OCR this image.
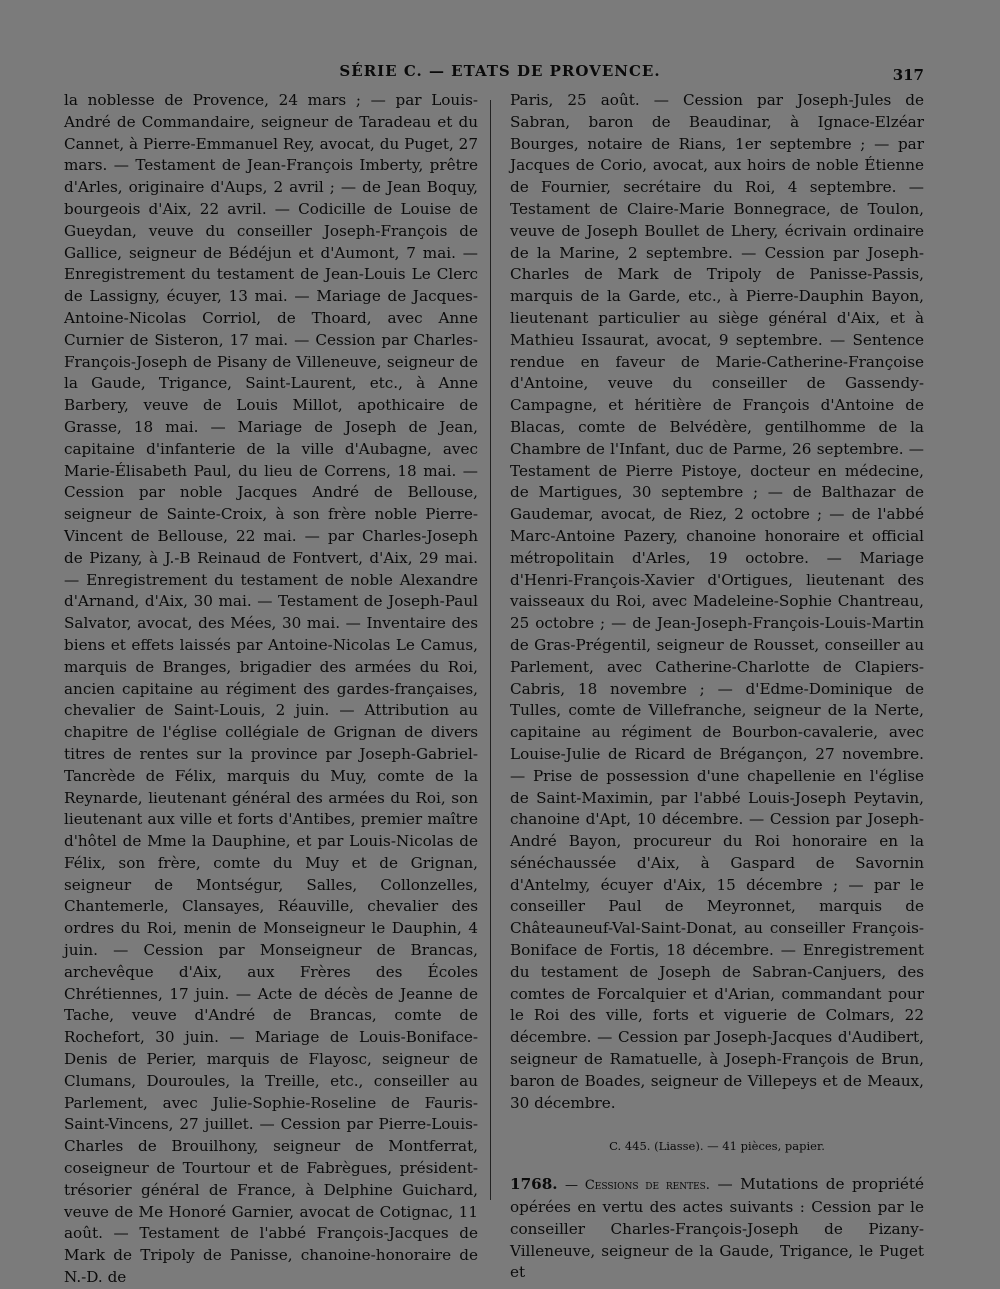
SÉRIE C. — ETATS DE PROVENCE.	317

la noblesse de Provence, 24 mars ; — par Louis-André de Commandaire, seigneur de Taradeau et du Cannet, à Pierre-Emmanuel Rey, avocat, du Puget, 27 mars. — Testament de Jean-François Imberty, prêtre d'Arles, originaire d'Aups, 2 avril ; — de Jean Boquy, bourgeois d'Aix, 22 avril. — Codicille de Louise de Gueydan, veuve du conseiller Joseph-François de Gallice, seigneur de Bédéjun et d'Aumont, 7 mai. — Enregistrement du testament de Jean-Louis Le Clerc de Lassigny, écuyer, 13 mai. — Mariage de Jacques-Antoine-Nicolas Corriol, de Thoard, avec Anne Curnier de Sisteron, 17 mai. — Cession par Charles-François-Joseph de Pisany de Villeneuve, seigneur de la Gaude, Trigance, Saint-Laurent, etc., à Anne Barbery, veuve de Louis Millot, apothicaire de Grasse, 18 mai. — Mariage de Joseph de Jean, capitaine d'infanterie de la ville d'Aubagne, avec Marie-Élisabeth Paul, du lieu de Correns, 18 mai. — Cession par noble Jacques André de Bellouse, seigneur de Sainte-Croix, à son frère noble Pierre-Vincent de Bellouse, 22 mai. — par Charles-Joseph de Pizany, à J.-B Reinaud de Fontvert, d'Aix, 29 mai. — Enregistrement du testament de noble Alexandre d'Arnand, d'Aix, 30 mai. — Testament de Joseph-Paul Salvator, avocat, des Mées, 30 mai. — Inventaire des biens et effets laissés par Antoine-Nicolas Le Camus, marquis de Branges, brigadier des armées du Roi, ancien capitaine au régiment des gardes-françaises, chevalier de Saint-Louis, 2 juin. — Attribution au chapitre de l'église collégiale de Grignan de divers titres de rentes sur la province par Joseph-Gabriel-Tancrède de Félix, marquis du Muy, comte de la Reynarde, lieutenant général des armées du Roi, son lieutenant aux ville et forts d'Antibes, premier maître d'hôtel de Mme la Dauphine, et par Louis-Nicolas de Félix, son frère, comte du Muy et de Grignan, seigneur de Montségur, Salles, Collonzelles, Chantemerle, Clansayes, Réauville, chevalier des ordres du Roi, menin de Monseigneur le Dauphin, 4 juin. — Cession par Monseigneur de Brancas, archevêque d'Aix, aux Frères des Écoles Chrétiennes, 17 juin. — Acte de décès de Jeanne de Tache, veuve d'André de Brancas, comte de Rochefort, 30 juin. — Mariage de Louis-Boniface-Denis de Perier, marquis de Flayosc, seigneur de Clumans, Douroules, la Treille, etc., conseiller au Parlement, avec Julie-Sophie-Roseline de Fauris-Saint-Vincens, 27 juillet. — Cession par Pierre-Louis-Charles de Brouilhony, seigneur de Montferrat, coseigneur de Tourtour et de Fabrègues, président-trésorier général de France, à Delphine Guichard, veuve de Me Honoré Garnier, avocat de Cotignac, 11 août. — Testament de l'abbé François-Jacques de Mark de Tripoly de Panisse, chanoine-honoraire de N.-D. de

Paris, 25 août. — Cession par Joseph-Jules de Sabran, baron de Beaudinar, à Ignace-Elzéar Bourges, notaire de Rians, 1er septembre ; — par Jacques de Corio, avocat, aux hoirs de noble Étienne de Fournier, secrétaire du Roi, 4 septembre. — Testament de Claire-Marie Bonnegrace, de Toulon, veuve de Joseph Boullet de Lhery, écrivain ordinaire de la Marine, 2 septembre. — Cession par Joseph-Charles de Mark de Tripoly de Panisse-Passis, marquis de la Garde, etc., à Pierre-Dauphin Bayon, lieutenant particulier au siège général d'Aix, et à Mathieu Issaurat, avocat, 9 septembre. — Sentence rendue en faveur de Marie-Catherine-Françoise d'Antoine, veuve du conseiller de Gassendy-Campagne, et héritière de François d'Antoine de Blacas, comte de Belvédère, gentilhomme de la Chambre de l'Infant, duc de Parme, 26 septembre. — Testament de Pierre Pistoye, docteur en médecine, de Martigues, 30 septembre ; — de Balthazar de Gaudemar, avocat, de Riez, 2 octobre ; — de l'abbé Marc-Antoine Pazery, chanoine honoraire et official métropolitain d'Arles, 19 octobre. — Mariage d'Henri-François-Xavier d'Ortigues, lieutenant des vaisseaux du Roi, avec Madeleine-Sophie Chantreau, 25 octobre ; — de Jean-Joseph-François-Louis-Martin de Gras-Prégentil, seigneur de Rousset, conseiller au Parlement, avec Catherine-Charlotte de Clapiers-Cabris, 18 novembre ; — d'Edme-Dominique de Tulles, comte de Villefranche, seigneur de la Nerte, capitaine au régiment de Bourbon-cavalerie, avec Louise-Julie de Ricard de Brégançon, 27 novembre. — Prise de possession d'une chapellenie en l'église de Saint-Maximin, par l'abbé Louis-Joseph Peytavin, chanoine d'Apt, 10 décembre. — Cession par Joseph-André Bayon, procureur du Roi honoraire en la sénéchaussée d'Aix, à Gaspard de Savornin d'Antelmy, écuyer d'Aix, 15 décembre ; — par le conseiller Paul de Meyronnet, marquis de Châteauneuf-Val-Saint-Donat, au conseiller François-Boniface de Fortis, 18 décembre. — Enregistrement du testament de Joseph de Sabran-Canjuers, des comtes de Forcalquier et d'Arian, commandant pour le Roi des ville, forts et viguerie de Colmars, 22 décembre. — Cession par Joseph-Jacques d'Audibert, seigneur de Ramatuelle, à Joseph-François de Brun, baron de Boades, seigneur de Villepeys et de Meaux, 30 décembre.

C. 445. (Liasse). — 41 pièces, papier.

1768. — Cessions de rentes. — Mutations de propriété opérées en vertu des actes suivants : Cession par le conseiller Charles-François-Joseph de Pizany-Villeneuve, seigneur de la Gaude, Trigance, le Puget et
